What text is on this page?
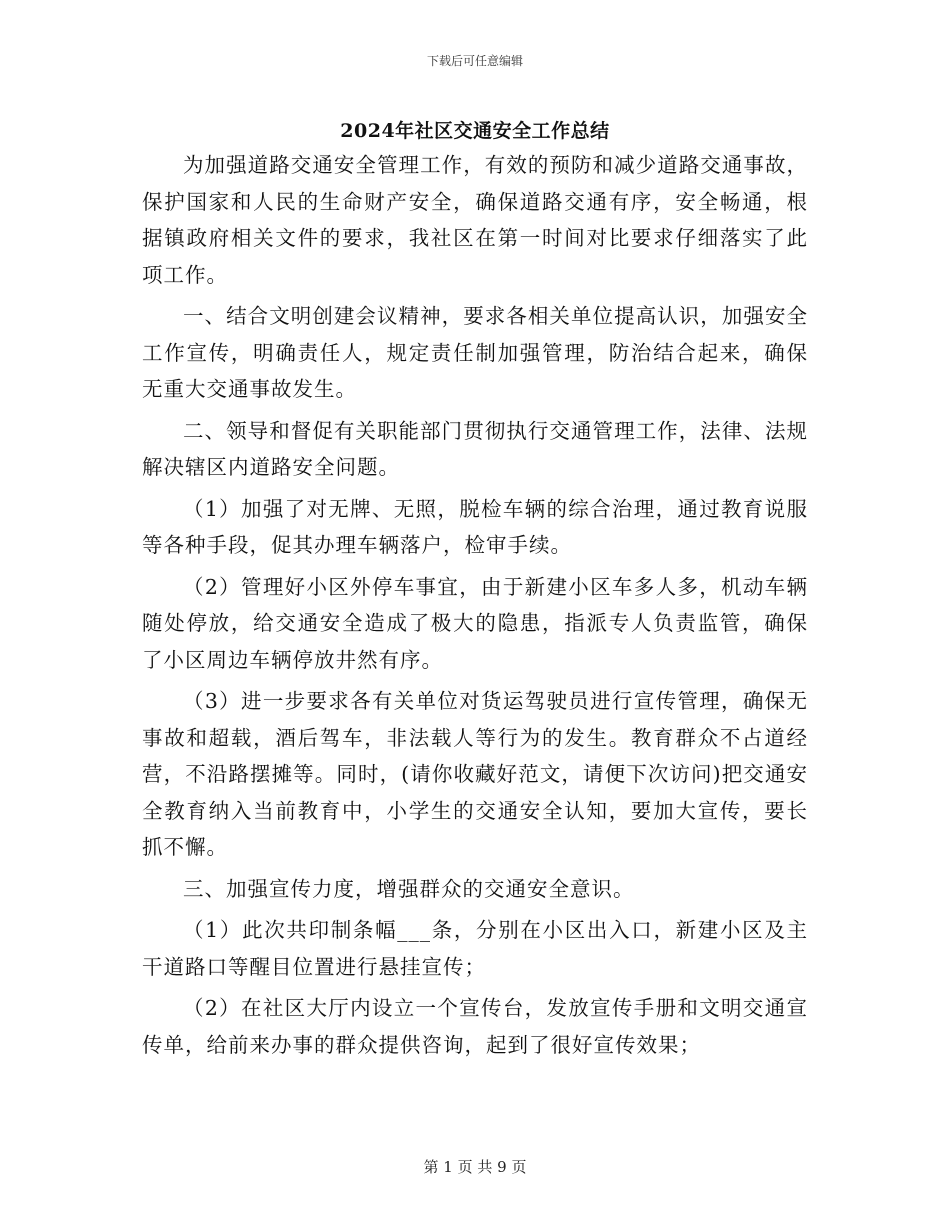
下载后可任意编辑
2024年社区交通安全工作总结

为加强道路交通安全管理工作，有效的预防和减少道路交通事故，保护国家和人民的生命财产安全，确保道路交通有序，安全畅通，根据镇政府相关文件的要求，我社区在第一时间对比要求仔细落实了此项工作。

一、结合文明创建会议精神，要求各相关单位提高认识，加强安全工作宣传，明确责任人，规定责任制加强管理，防治结合起来，确保无重大交通事故发生。

二、领导和督促有关职能部门贯彻执行交通管理工作，法律、法规解决辖区内道路安全问题。

（1）加强了对无牌、无照，脱检车辆的综合治理，通过教育说服等各种手段，促其办理车辆落户，检审手续。

（2）管理好小区外停车事宜，由于新建小区车多人多，机动车辆随处停放，给交通安全造成了极大的隐患，指派专人负责监管，确保了小区周边车辆停放井然有序。

（3）进一步要求各有关单位对货运驾驶员进行宣传管理，确保无事故和超载，酒后驾车，非法载人等行为的发生。教育群众不占道经营，不沿路摆摊等。同时，(请你收藏好范文，请便下次访问)把交通安全教育纳入当前教育中，小学生的交通安全认知，要加大宣传，要长抓不懈。

三、加强宣传力度，增强群众的交通安全意识。

（1）此次共印制条幅___条，分别在小区出入口，新建小区及主干道路口等醒目位置进行悬挂宣传；

（2）在社区大厅内设立一个宣传台，发放宣传手册和文明交通宣传单，给前来办事的群众提供咨询，起到了很好宣传效果；

第 1 页 共 9 页
